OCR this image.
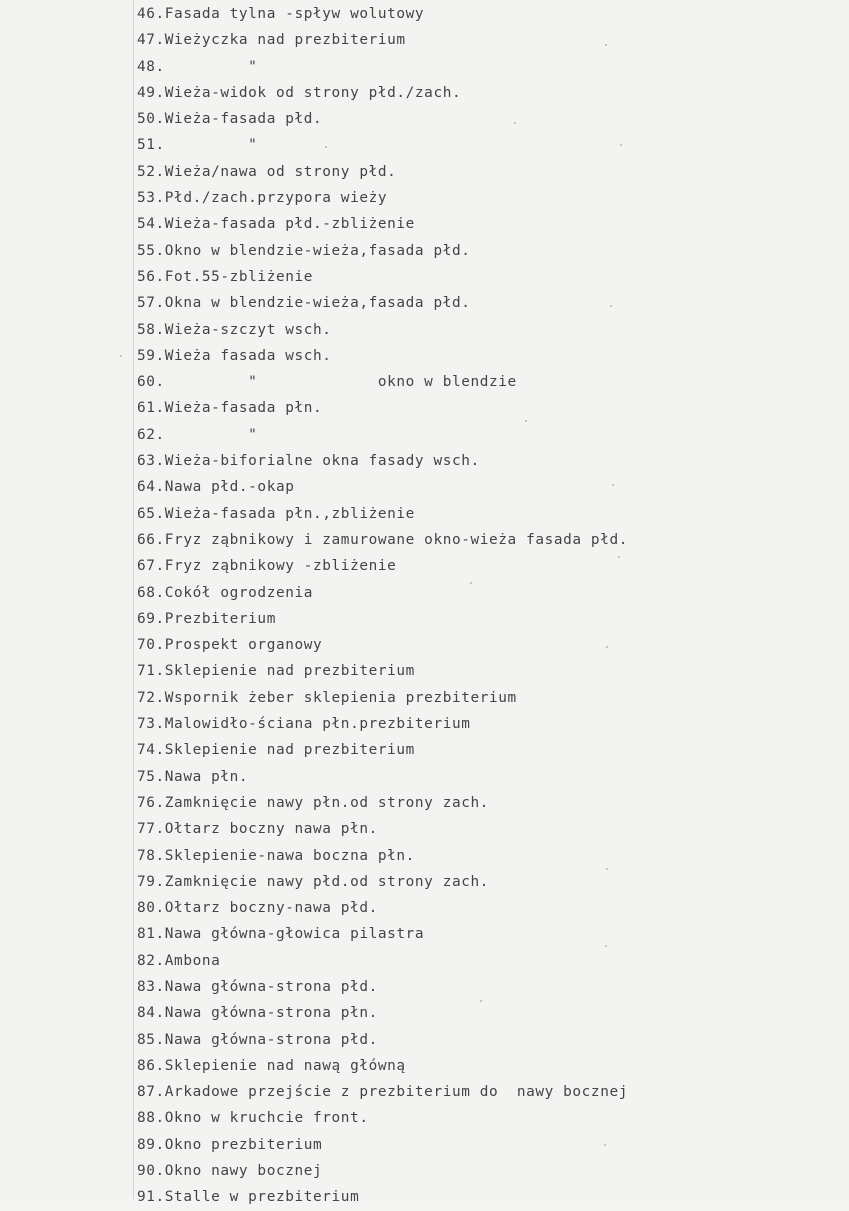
46.Fasada tylna -spływ wolutowy
47.Wieżyczka nad prezbiterium
48.         "
49.Wieża-widok od strony płd./zach.
50.Wieża-fasada płd.
51.         "
52.Wieża/nawa od strony płd.
53.Płd./zach.przypora wieży
54.Wieża-fasada płd.-zbliżenie
55.Okno w blendzie-wieża,fasada płd.
56.Fot.55-zbliżenie
57.Okna w blendzie-wieża,fasada płd.
58.Wieża-szczyt wsch.
59.Wieża fasada wsch.
60.         "             okno w blendzie
61.Wieża-fasada płn.
62.         "
63.Wieża-biforialne okna fasady wsch.
64.Nawa płd.-okap
65.Wieża-fasada płn.,zbliżenie
66.Fryz ząbnikowy i zamurowane okno-wieża fasada płd.
67.Fryz ząbnikowy -zbliżenie
68.Cokół ogrodzenia
69.Prezbiterium
70.Prospekt organowy
71.Sklepienie nad prezbiterium
72.Wspornik żeber sklepienia prezbiterium
73.Malowidło-ściana płn.prezbiterium
74.Sklepienie nad prezbiterium
75.Nawa płn.
76.Zamknięcie nawy płn.od strony zach.
77.Ołtarz boczny nawa płn.
78.Sklepienie-nawa boczna płn.
79.Zamknięcie nawy płd.od strony zach.
80.Ołtarz boczny-nawa płd.
81.Nawa główna-głowica pilastra
82.Ambona
83.Nawa główna-strona płd.
84.Nawa główna-strona płn.
85.Nawa główna-strona płd.
86.Sklepienie nad nawą główną
87.Arkadowe przejście z prezbiterium do  nawy bocznej
88.Okno w kruchcie front.
89.Okno prezbiterium
90.Okno nawy bocznej
91.Stalle w prezbiterium
